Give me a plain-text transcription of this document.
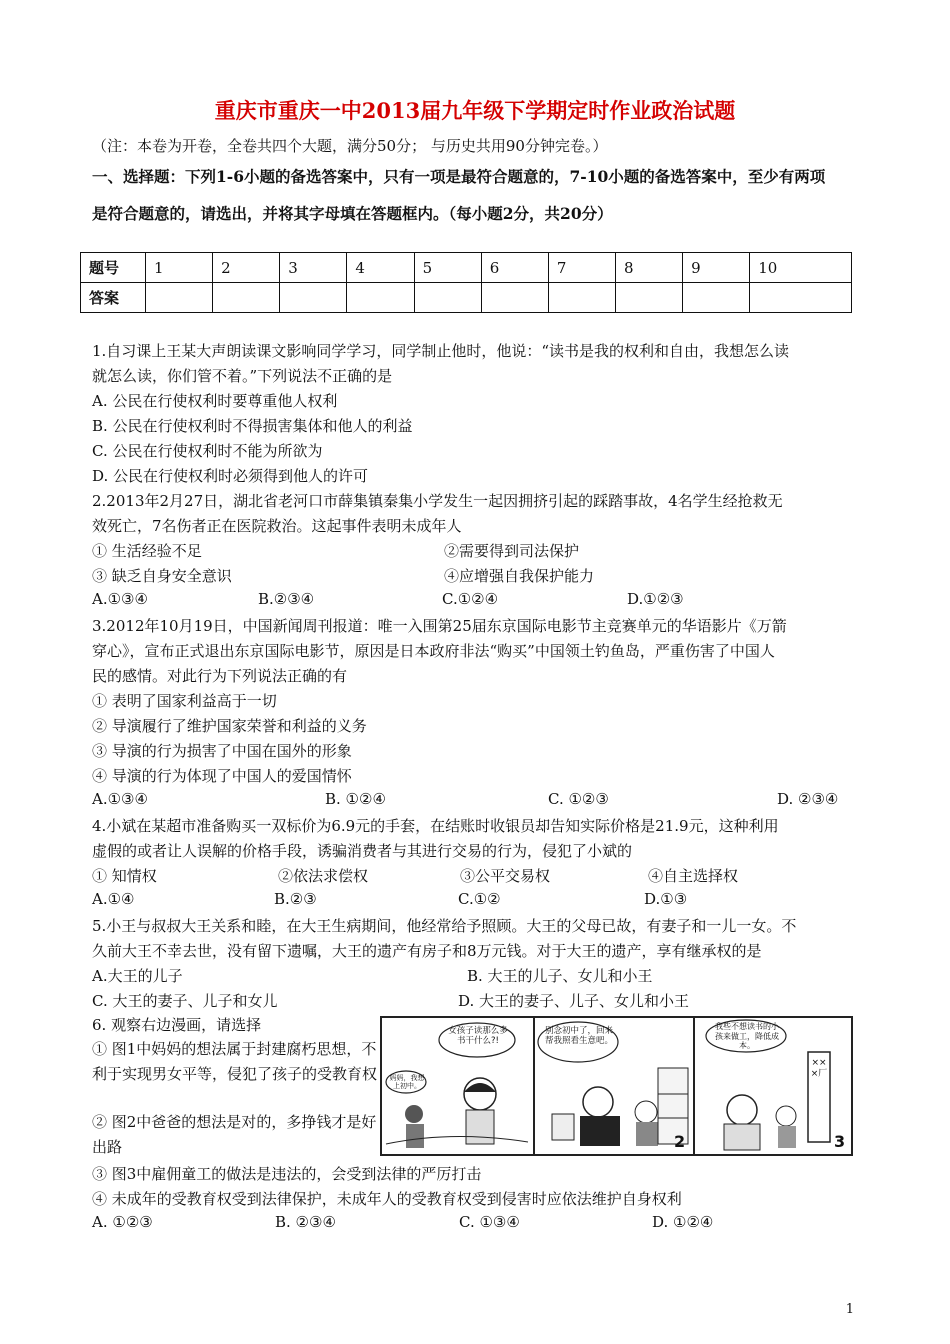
重庆市重庆一中2013届九年级下学期定时作业政治试题
（注：本卷为开卷，全卷共四个大题，满分50分； 与历史共用90分钟完卷。）
一、选择题：下列1-6小题的备选答案中，只有一项是最符合题意的，7-10小题的备选答案中，至少有两项
是符合题意的，请选出，并将其字母填在答题框内。（每小题2分，共20分）
题号	1	2	3	4	5	6	7	8	9	10
答案										
1.自习课上王某大声朗读课文影响同学学习，同学制止他时，他说：“读书是我的权利和自由，我想怎么读
就怎么读，你们管不着。”下列说法不正确的是
A. 公民在行使权利时要尊重他人权利
B. 公民在行使权利时不得损害集体和他人的利益
C. 公民在行使权利时不能为所欲为
D. 公民在行使权利时必须得到他人的许可
2.2013年2月27日，湖北省老河口市薛集镇秦集小学发生一起因拥挤引起的踩踏事故，4名学生经抢救无
效死亡，7名伤者正在医院救治。这起事件表明未成年人
① 生活经验不足	②需要得到司法保护
③ 缺乏自身安全意识	④应增强自我保护能力
A.①③④	B.②③④	C.①②④	D.①②③
3.2012年10月19日，中国新闻周刊报道：唯一入围第25届东京国际电影节主竞赛单元的华语影片《万箭
穿心》，宣布正式退出东京国际电影节，原因是日本政府非法“购买”中国领土钓鱼岛，严重伤害了中国人
民的感情。对此行为下列说法正确的有
① 表明了国家利益高于一切
② 导演履行了维护国家荣誉和利益的义务
③ 导演的行为损害了中国在国外的形象
④ 导演的行为体现了中国人的爱国情怀
A.①③④	B. ①②④	C. ①②③	D. ②③④
4.小斌在某超市准备购买一双标价为6.9元的手套，在结账时收银员却告知实际价格是21.9元，这种利用
虚假的或者让人误解的价格手段，诱骗消费者与其进行交易的行为，侵犯了小斌的
① 知情权	②依法求偿权	③公平交易权	④自主选择权
A.①④	B.②③	C.①②	D.①③
5.小王与叔叔大王关系和睦，在大王生病期间，他经常给予照顾。大王的父母已故，有妻子和一儿一女。不
久前大王不幸去世，没有留下遗嘱，大王的遗产有房子和8万元钱。对于大王的遗产，享有继承权的是
A.大王的儿子	B. 大王的儿子、女儿和小王
C. 大王的妻子、儿子和女儿	D. 大王的妻子、儿子、女儿和小王
6. 观察右边漫画，请选择
① 图1中妈妈的想法属于封建腐朽思想，不利于实现男女平等，侵犯了孩子的受教育权
② 图2中爸爸的想法是对的，多挣钱才是好出路
③ 图3中雇佣童工的做法是违法的，会受到法律的严厉打击
④ 未成年的受教育权受到法律保护，未成年人的受教育权受到侵害时应依法维护自身权利
A. ①②③	B. ②③④	C. ①③④	D. ①②④
女孩子读那么多书干什么?!
妈妈，我想上初中。
别念初中了，回来帮我照看生意吧。
我些不想读书的小孩来做工，降低成本。
×××厂
2	3
1
